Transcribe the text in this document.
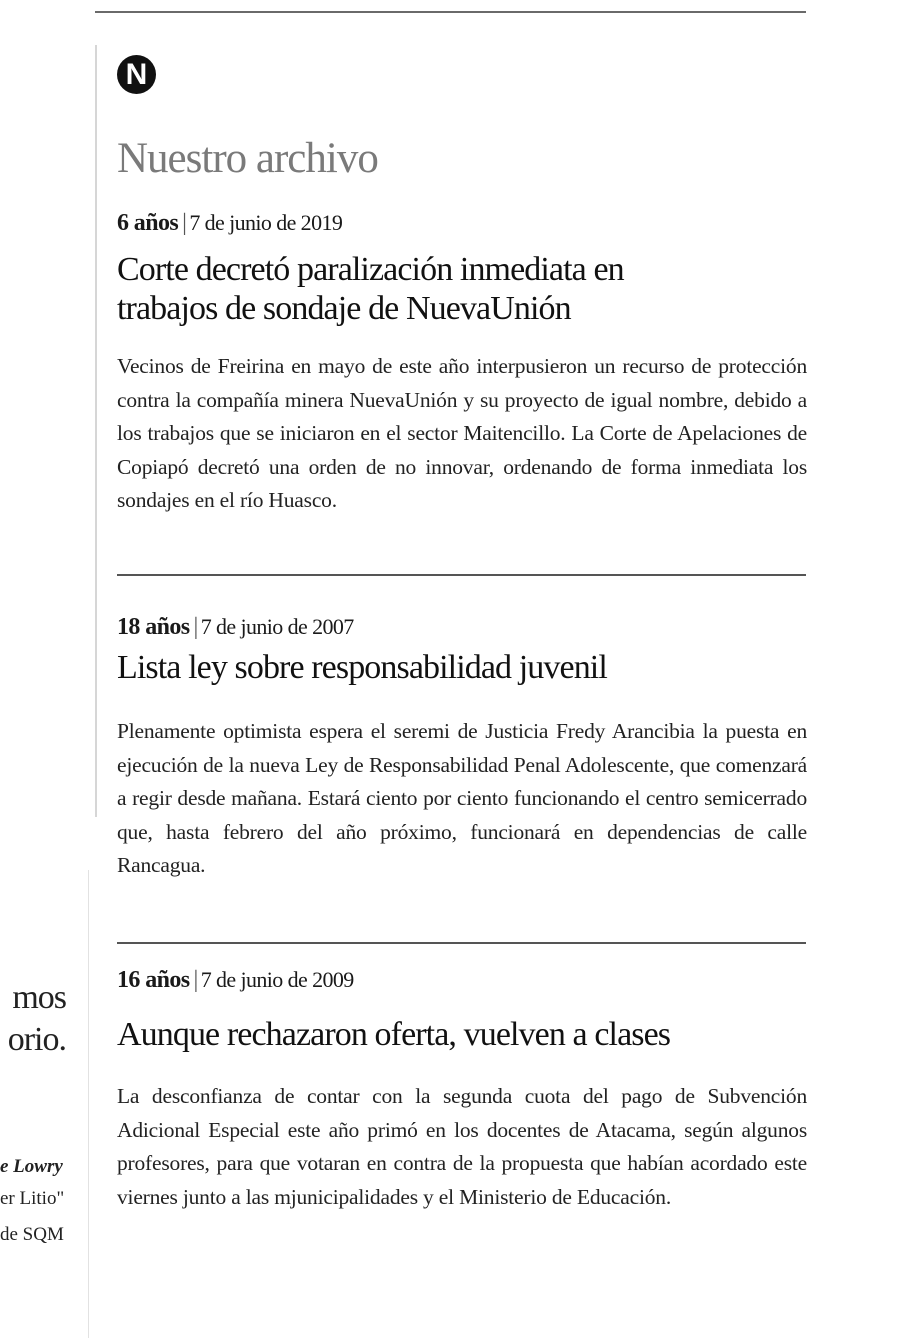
mos
orio.
e Lowry
er Litio"
de SQM
N
Nuestro archivo
6 años | 7 de junio de 2019
Corte decretó paralización inmediata en
trabajos de sondaje de NuevaUnión

Vecinos de Freirina en mayo de este año interpusieron un recurso de protección contra la compañía minera NuevaUnión y su proyecto de igual nombre, debido a los trabajos que se iniciaron en el sector Maitencillo. La Corte de Apelaciones de Copiapó decretó una orden de no innovar, ordenando de forma inmediata los sondajes en el río Huasco.

18 años | 7 de junio de 2007
Lista ley sobre responsabilidad juvenil

Plenamente optimista espera el seremi de Justicia Fredy Arancibia la puesta en ejecución de la nueva Ley de Responsabilidad Penal Adolescente, que comenzará a regir desde mañana. Estará ciento por ciento funcionando el centro semicerrado que, hasta febrero del año próximo, funcionará en dependencias de calle Rancagua.

16 años | 7 de junio de 2009
Aunque rechazaron oferta, vuelven a clases

La desconfianza de contar con la segunda cuota del pago de Subvención Adicional Especial este año primó en los docentes de Atacama, según algunos profesores, para que votaran en contra de la propuesta que habían acordado este viernes junto a las mjunicipalidades y el Ministerio de Educación.
